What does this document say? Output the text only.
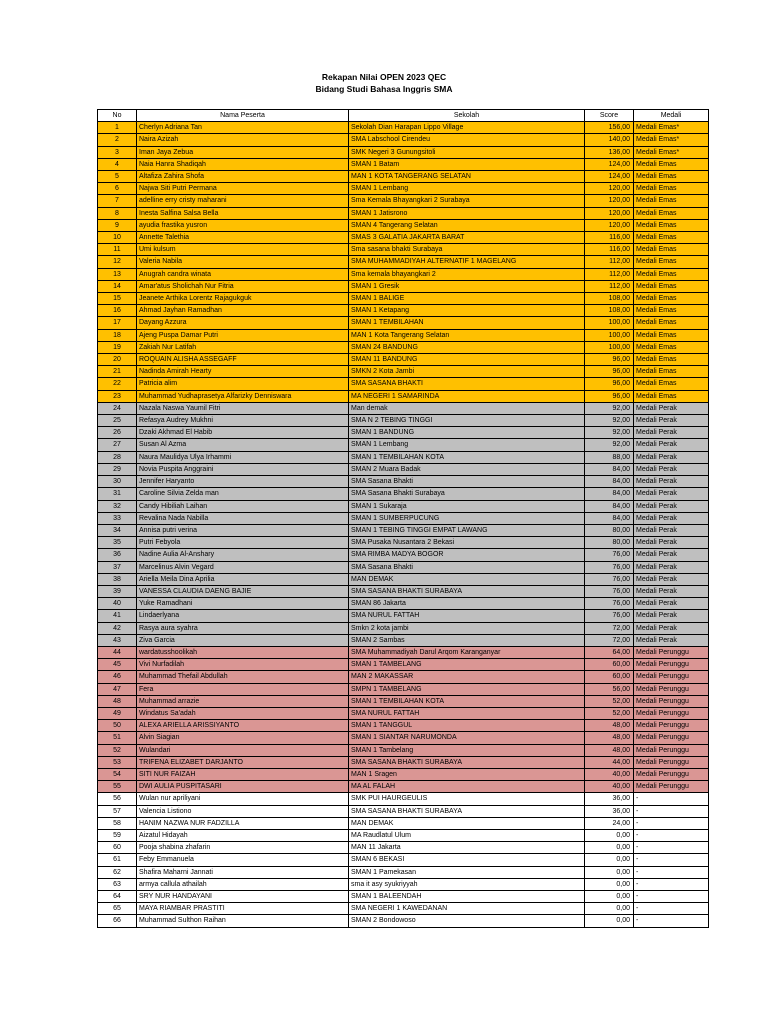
Rekapan Nilai OPEN 2023 QEC
Bidang Studi Bahasa Inggris SMA
No	Nama Peserta	Sekolah	Score	Medali
1	Cherlyn Adriana Tan	Sekolah Dian Harapan Lippo Village	156,00	Medali Emas*
2	Naira Azizah	SMA Labschool Cirendeu	140,00	Medali Emas*
3	Iman Jaya Zebua	SMK Negeri 3 Gunungsitoli	136,00	Medali Emas*
4	Naia Hanra Shadiqah	SMAN 1 Batam	124,00	Medali Emas
5	Altafiza Zahira Shofa	MAN 1 KOTA TANGERANG SELATAN	124,00	Medali Emas
6	Najwa Siti Putri Permana	SMAN 1 Lembang	120,00	Medali Emas
7	adelline erry cristy maharani	Sma Kemala Bhayangkari 2 Surabaya	120,00	Medali Emas
8	Inesta Salfina Salsa Bella	SMAN 1 Jatisrono	120,00	Medali Emas
9	ayudia frastika yusron	SMAN 4 Tangerang Selatan	120,00	Medali Emas
10	Annette Talethia	SMAS 3 GALATIA JAKARTA BARAT	116,00	Medali Emas
11	Umi kulsum	Sma sasana bhakti Surabaya	116,00	Medali Emas
12	Valeria Nabila	SMA MUHAMMADIYAH ALTERNATIF 1 MAGELANG	112,00	Medali Emas
13	Anugrah candra winata	Sma kemala bhayangkari 2	112,00	Medali Emas
14	Amar'atus Sholichah Nur Fitria	SMAN 1 Gresik	112,00	Medali Emas
15	Jeanete Arthika Lorentz Rajagukguk	SMAN 1 BALIGE	108,00	Medali Emas
16	Ahmad Jayhan Ramadhan	SMAN 1 Ketapang	108,00	Medali Emas
17	Dayang Azzura	SMAN 1 TEMBILAHAN	100,00	Medali Emas
18	Ajeng Puspa Damar Putri	MAN 1 Kota Tangerang Selatan	100,00	Medali Emas
19	Zakiah Nur Latifah	SMAN 24 BANDUNG	100,00	Medali Emas
20	ROQUAIN ALISHA ASSEGAFF	SMAN 11 BANDUNG	96,00	Medali Emas
21	Nadinda Amirah Hearty	SMKN 2 Kota Jambi	96,00	Medali Emas
22	Patricia alim	SMA SASANA BHAKTI	96,00	Medali Emas
23	Muhammad Yudhaprasetya Alfarizky Denniswara	MA NEGERI 1 SAMARINDA	96,00	Medali Emas
24	Nazala Naswa Yaumil Fitri	Man demak	92,00	Medali Perak
25	Refasya Audrey Mukhni	SMA N 2 TEBING TINGGI	92,00	Medali Perak
26	Dzaki Akhmad El Habib	SMAN 1 BANDUNG	92,00	Medali Perak
27	Susan Al Azma	SMAN 1 Lembang	92,00	Medali Perak
28	Naura Maulidya Ulya Irhammi	SMAN 1 TEMBILAHAN KOTA	88,00	Medali Perak
29	Novia Puspita Anggraini	SMAN 2 Muara Badak	84,00	Medali Perak
30	Jennifer Haryanto	SMA Sasana Bhakti	84,00	Medali Perak
31	Caroline Silvia Zelda man	SMA Sasana Bhakti Surabaya	84,00	Medali Perak
32	Candy Hibiliah Laihan	SMAN 1 Sukaraja	84,00	Medali Perak
33	Revalina Nada Nabilla	SMAN 1 SUMBERPUCUNG	84,00	Medali Perak
34	Annisa putri verina	SMAN 1 TEBING TINGGI EMPAT LAWANG	80,00	Medali Perak
35	Putri Febyola	SMA Pusaka Nusantara 2 Bekasi	80,00	Medali Perak
36	Nadine Aulia Al-Anshary	SMA RIMBA MADYA BOGOR	76,00	Medali Perak
37	Marcelinus Alvin Vegard	SMA Sasana Bhakti	76,00	Medali Perak
38	Ariella Meila Dina Aprilia	MAN DEMAK	76,00	Medali Perak
39	VANESSA CLAUDIA DAENG BAJIE	SMA SASANA BHAKTI SURABAYA	76,00	Medali Perak
40	Yuke Ramadhani	SMAN 86 Jakarta	76,00	Medali Perak
41	Lindaerlyana	SMA NURUL FATTAH	76,00	Medali Perak
42	Rasya aura syahra	Smkn 2 kota jambi	72,00	Medali Perak
43	Ziva Garcia	SMAN 2 Sambas	72,00	Medali Perak
44	wardatusshoolikah	SMA Muhammadiyah Darul Arqom Karanganyar	64,00	Medali Perunggu
45	Vivi Nurfadilah	SMAN 1 TAMBELANG	60,00	Medali Perunggu
46	Muhammad Thefail Abdullah	MAN 2 MAKASSAR	60,00	Medali Perunggu
47	Fera	SMPN 1 TAMBELANG	56,00	Medali Perunggu
48	Muhammad arrazie	SMAN 1 TEMBILAHAN KOTA	52,00	Medali Perunggu
49	Windatus Sa'adah	SMA NURUL FATTAH	52,00	Medali Perunggu
50	ALEXA ARIELLA ARISSIYANTO	SMAN 1 TANGGUL	48,00	Medali Perunggu
51	Alvin Siagian	SMAN 1 SIANTAR NARUMONDA	48,00	Medali Perunggu
52	Wulandari	SMAN 1 Tambelang	48,00	Medali Perunggu
53	TRIFENA ELIZABET DARJANTO	SMA SASANA BHAKTI SURABAYA	44,00	Medali Perunggu
54	SITI NUR FAIZAH	MAN 1 Sragen	40,00	Medali Perunggu
55	DWI AULIA PUSPITASARI	MA AL FALAH	40,00	Medali Perunggu
56	Wulan nur apriliyani	SMK PUI HAURGEULIS	36,00	-
57	Valencia Listiono	SMA SASANA BHAKTI SURABAYA	36,00	-
58	HANIM NAZWA NUR FADZILLA	MAN DEMAK	24,00	-
59	Aizatul Hidayah	MA Raudlatul Ulum	0,00	-
60	Pooja shabina zhafarin	MAN 11 Jakarta	0,00	-
61	Feby Emmanuela	SMAN 6 BEKASI	0,00	-
62	Shafira Maharni Jannati	SMAN 1 Pamekasan	0,00	-
63	armya callula athailah	sma it asy syukriyyah	0,00	-
64	SRY NUR HANDAYANI	SMAN 1 BALEENDAH	0,00	-
65	MAYA RIAMBAR PRASTITI	SMA NEGERI 1 KAWEDANAN	0,00	-
66	Muhammad Sulthon Raihan	SMAN 2 Bondowoso	0,00	-
